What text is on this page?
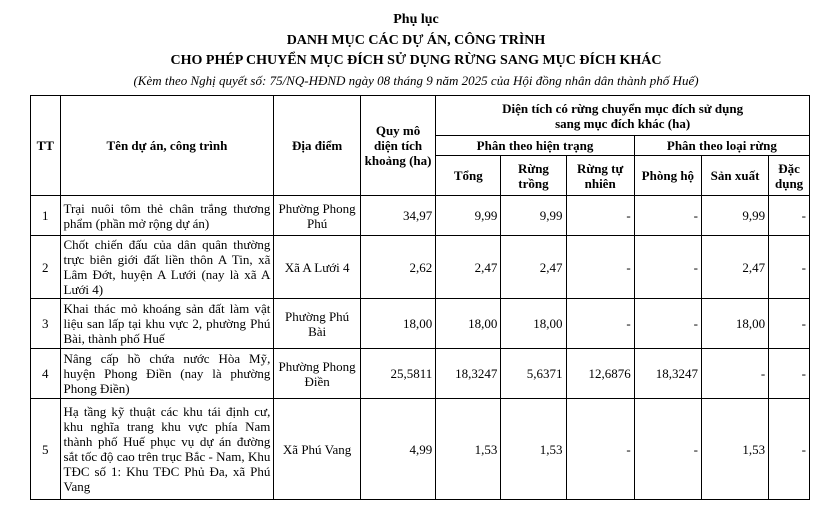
Phụ lục
DANH MỤC CÁC DỰ ÁN, CÔNG TRÌNH
CHO PHÉP CHUYỂN MỤC ĐÍCH SỬ DỤNG RỪNG SANG MỤC ĐÍCH KHÁC
(Kèm theo Nghị quyết số: 75/NQ-HĐND ngày 08 tháng 9 năm 2025 của Hội đồng nhân dân thành phố Huế)
TT	Tên dự án, công trình	Địa điểm	Quy mô diện tích khoảng (ha)	Diện tích có rừng chuyển mục đích sử dụng sang mục đích khác (ha)					
				Phân theo hiện trạng			Phân theo loại rừng		
				Tổng	Rừng trồng	Rừng tự nhiên	Phòng hộ	Sản xuất	Đặc dụng
1	Trại nuôi tôm thẻ chân trắng thương phẩm (phần mở rộng dự án)	Phường Phong Phú	34,97	9,99	9,99	-	-	9,99	-
2	Chốt chiến đấu của dân quân thường trực biên giới đất liền thôn A Tin, xã Lâm Đớt, huyện A Lưới (nay là xã A Lưới 4)	Xã A Lưới 4	2,62	2,47	2,47	-	-	2,47	-
3	Khai thác mỏ khoáng sản đất làm vật liệu san lấp tại khu vực 2, phường Phú Bài, thành phố Huế	Phường Phú Bài	18,00	18,00	18,00	-	-	18,00	-
4	Nâng cấp hồ chứa nước Hòa Mỹ, huyện Phong Điền (nay là phường Phong Điền)	Phường Phong Điền	25,5811	18,3247	5,6371	12,6876	18,3247	-	-
5	Hạ tầng kỹ thuật các khu tái định cư, khu nghĩa trang khu vực phía Nam thành phố Huế phục vụ dự án đường sắt tốc độ cao trên trục Bắc - Nam, Khu TĐC số 1: Khu TĐC Phủ Đa, xã Phú Vang	Xã Phú Vang	4,99	1,53	1,53	-	-	1,53	-
